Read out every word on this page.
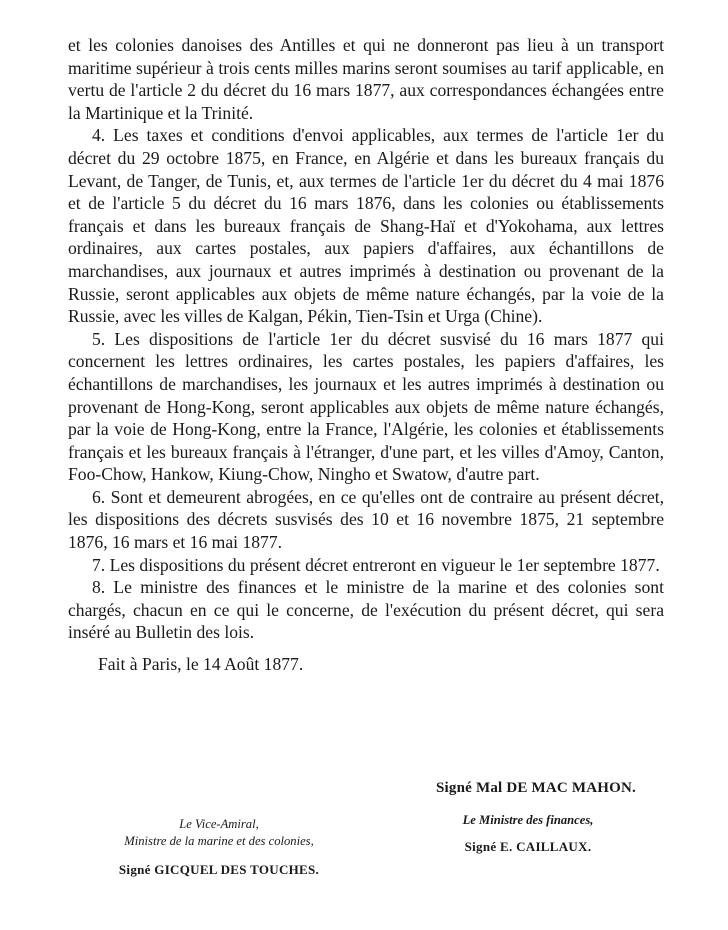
et les colonies danoises des Antilles et qui ne donneront pas lieu à un transport maritime supérieur à trois cents milles marins seront soumises au tarif applicable, en vertu de l'article 2 du décret du 16 mars 1877, aux correspondances échangées entre la Martinique et la Trinité.

4. Les taxes et conditions d'envoi applicables, aux termes de l'article 1er du décret du 29 octobre 1875, en France, en Algérie et dans les bureaux français du Levant, de Tanger, de Tunis, et, aux termes de l'article 1er du décret du 4 mai 1876 et de l'article 5 du décret du 16 mars 1876, dans les colonies ou établissements français et dans les bureaux français de Shang-Haï et d'Yokohama, aux lettres ordinaires, aux cartes postales, aux papiers d'affaires, aux échantillons de marchandises, aux journaux et autres imprimés à destination ou provenant de la Russie, seront applicables aux objets de même nature échangés, par la voie de la Russie, avec les villes de Kalgan, Pékin, Tien-Tsin et Urga (Chine).

5. Les dispositions de l'article 1er du décret susvisé du 16 mars 1877 qui concernent les lettres ordinaires, les cartes postales, les papiers d'affaires, les échantillons de marchandises, les journaux et les autres imprimés à destination ou provenant de Hong-Kong, seront applicables aux objets de même nature échangés, par la voie de Hong-Kong, entre la France, l'Algérie, les colonies et établissements français et les bureaux français à l'étranger, d'une part, et les villes d'Amoy, Canton, Foo-Chow, Hankow, Kiung-Chow, Ningho et Swatow, d'autre part.

6. Sont et demeurent abrogées, en ce qu'elles ont de contraire au présent décret, les dispositions des décrets susvisés des 10 et 16 novembre 1875, 21 septembre 1876, 16 mars et 16 mai 1877.

7. Les dispositions du présent décret entreront en vigueur le 1er septembre 1877.

8. Le ministre des finances et le ministre de la marine et des colonies sont chargés, chacun en ce qui le concerne, de l'exécution du présent décret, qui sera inséré au Bulletin des lois.

Fait à Paris, le 14 Août 1877.

Signé Mal DE MAC MAHON.
Le Vice-Amiral,
Ministre de la marine et des colonies,
Signé GICQUEL DES TOUCHES.
Le Ministre des finances,
Signé E. CAILLAUX.
